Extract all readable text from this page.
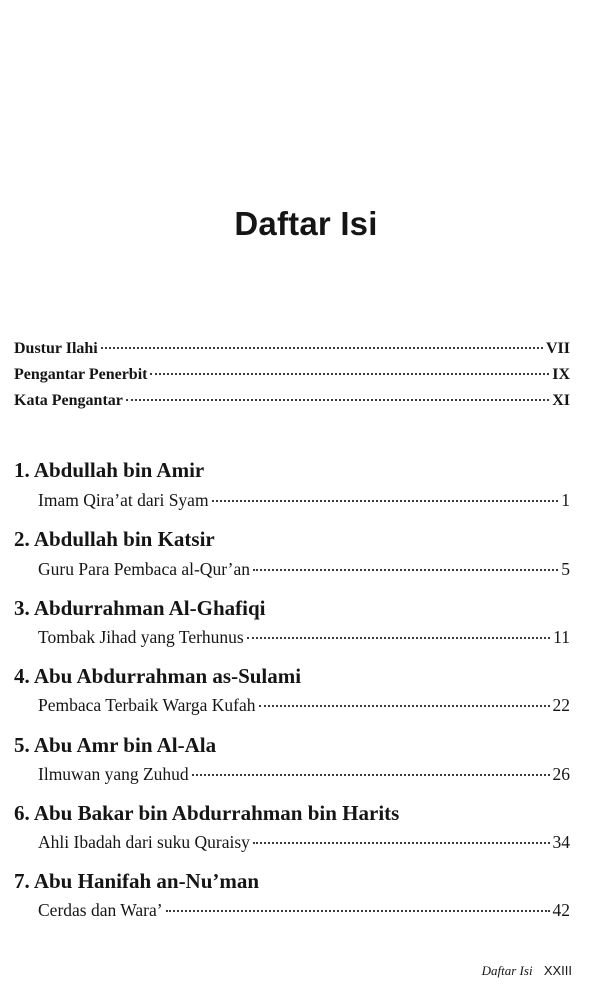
Daftar Isi
Dustur Ilahi	VII
Pengantar Penerbit	IX
Kata Pengantar	XI
1. Abdullah bin Amir
Imam Qira’at dari Syam	1
2. Abdullah bin Katsir
Guru Para Pembaca al-Qur’an	5
3. Abdurrahman Al-Ghafiqi
Tombak Jihad yang Terhunus	11
4. Abu Abdurrahman as-Sulami
Pembaca Terbaik Warga Kufah	22
5. Abu Amr bin Al-Ala
Ilmuwan yang Zuhud	26
6. Abu Bakar bin Abdurrahman bin Harits
Ahli Ibadah dari suku Quraisy	34
7. Abu Hanifah an-Nu’man
Cerdas dan Wara’	42
Daftar Isi XXIII
